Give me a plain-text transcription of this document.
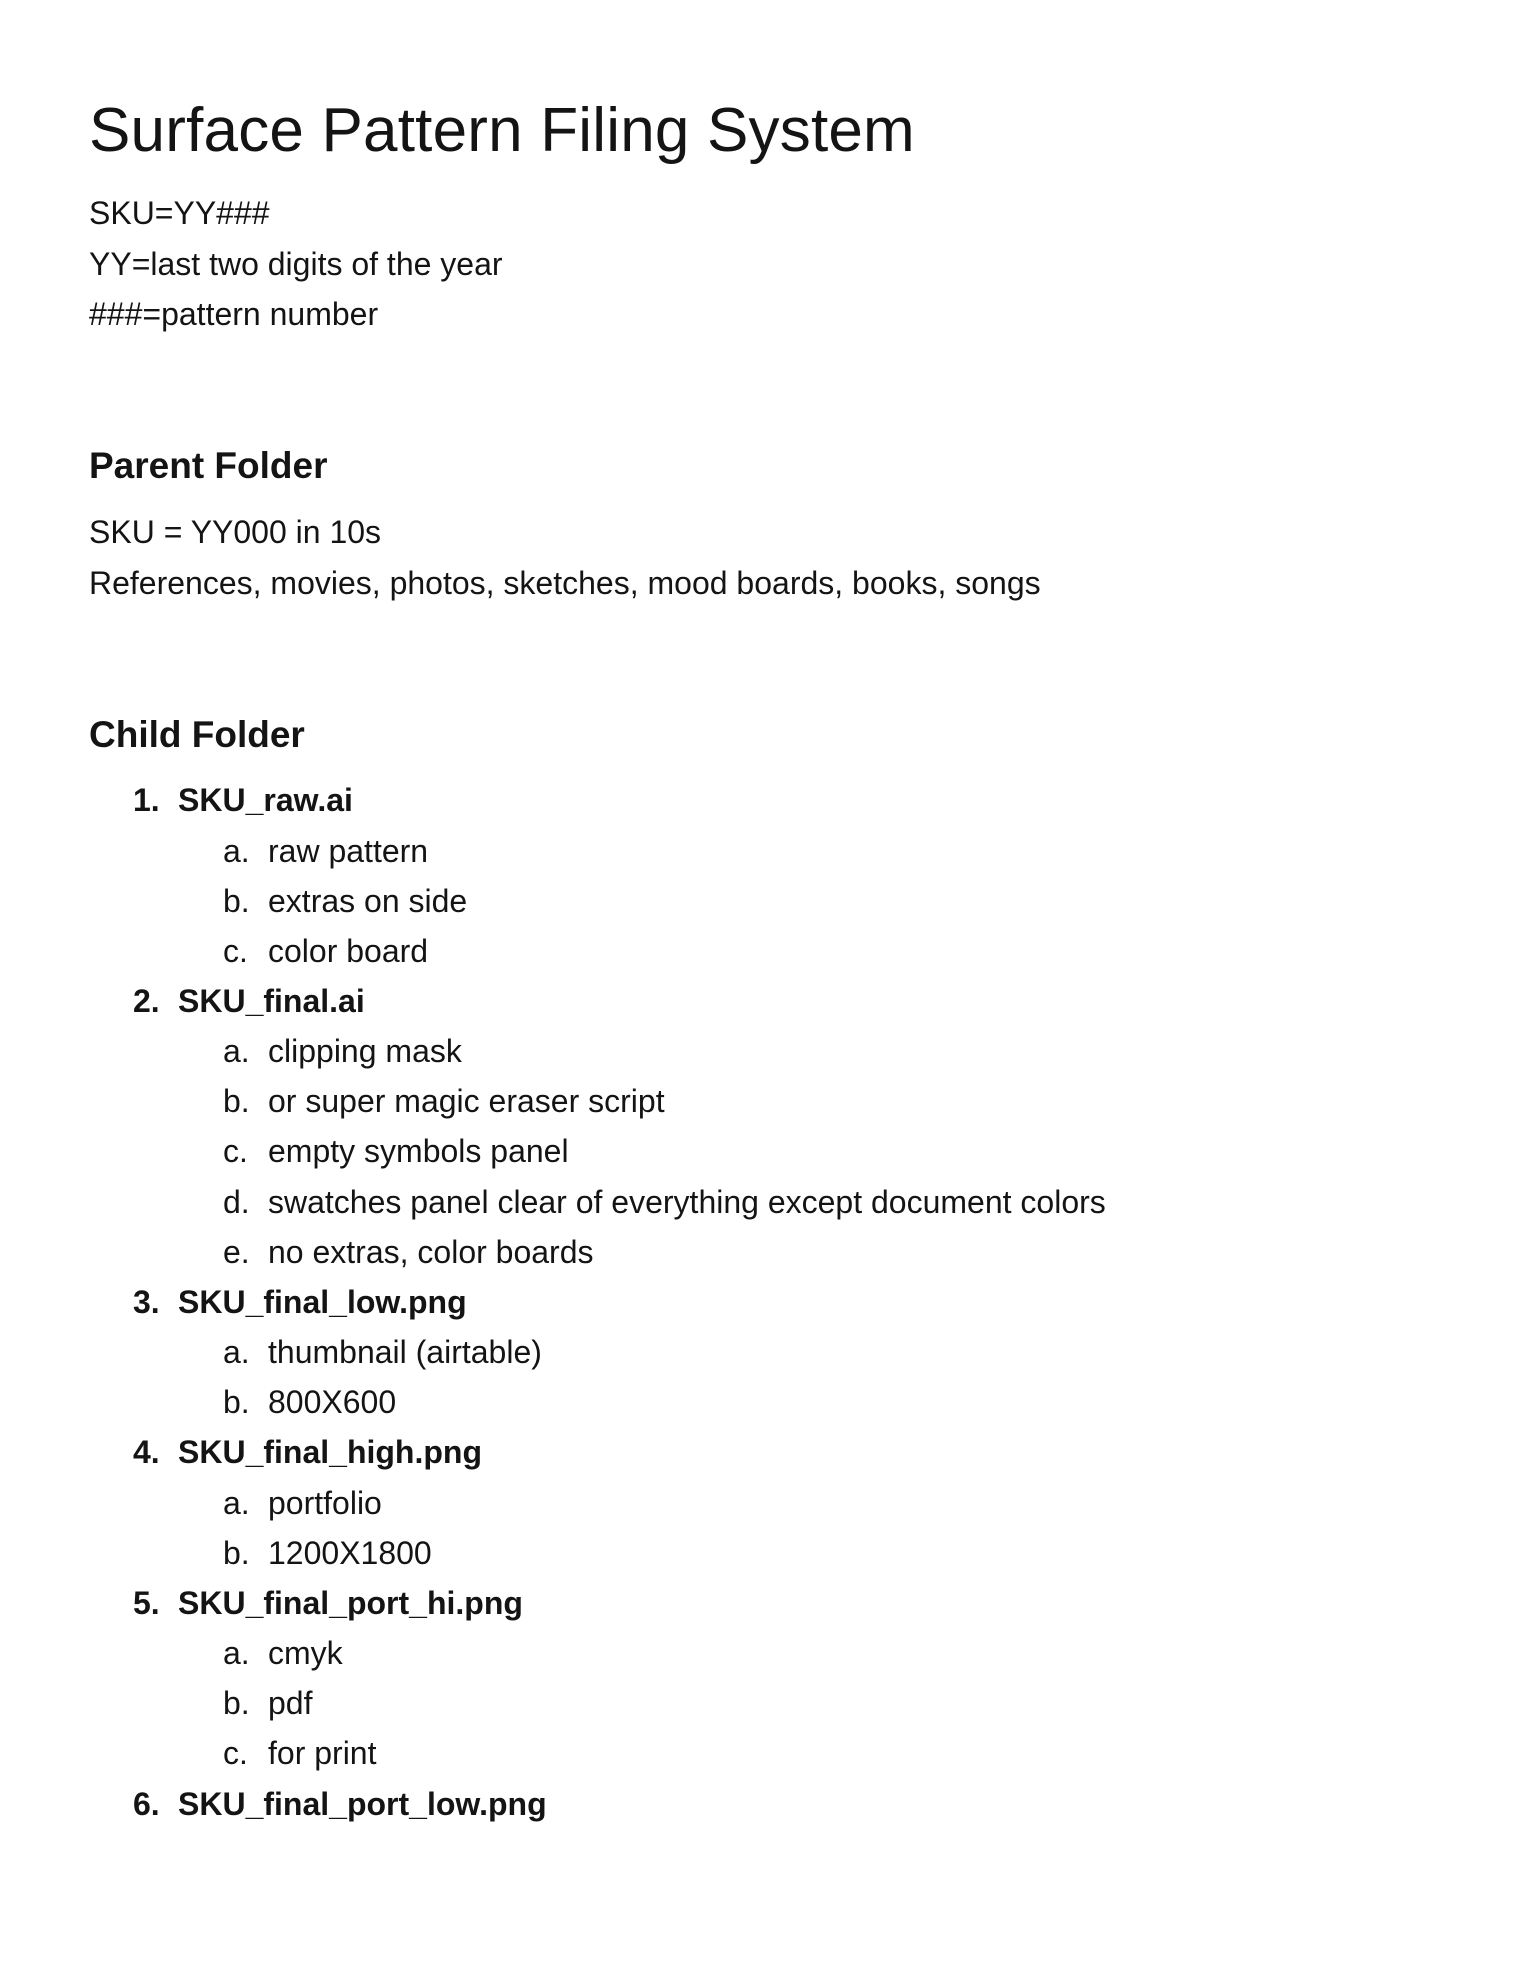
Surface Pattern Filing System
SKU=YY###
YY=last two digits of the year
###=pattern number
Parent Folder
SKU = YY000 in 10s
References, movies, photos, sketches, mood boards, books, songs
Child Folder
1. SKU_raw.ai
a. raw pattern
b. extras on side
c. color board
2. SKU_final.ai
a. clipping mask
b. or super magic eraser script
c. empty symbols panel
d. swatches panel clear of everything except document colors
e. no extras, color boards
3. SKU_final_low.png
a. thumbnail (airtable)
b. 800X600
4. SKU_final_high.png
a. portfolio
b. 1200X1800
5. SKU_final_port_hi.png
a. cmyk
b. pdf
c. for print
6. SKU_final_port_low.png
